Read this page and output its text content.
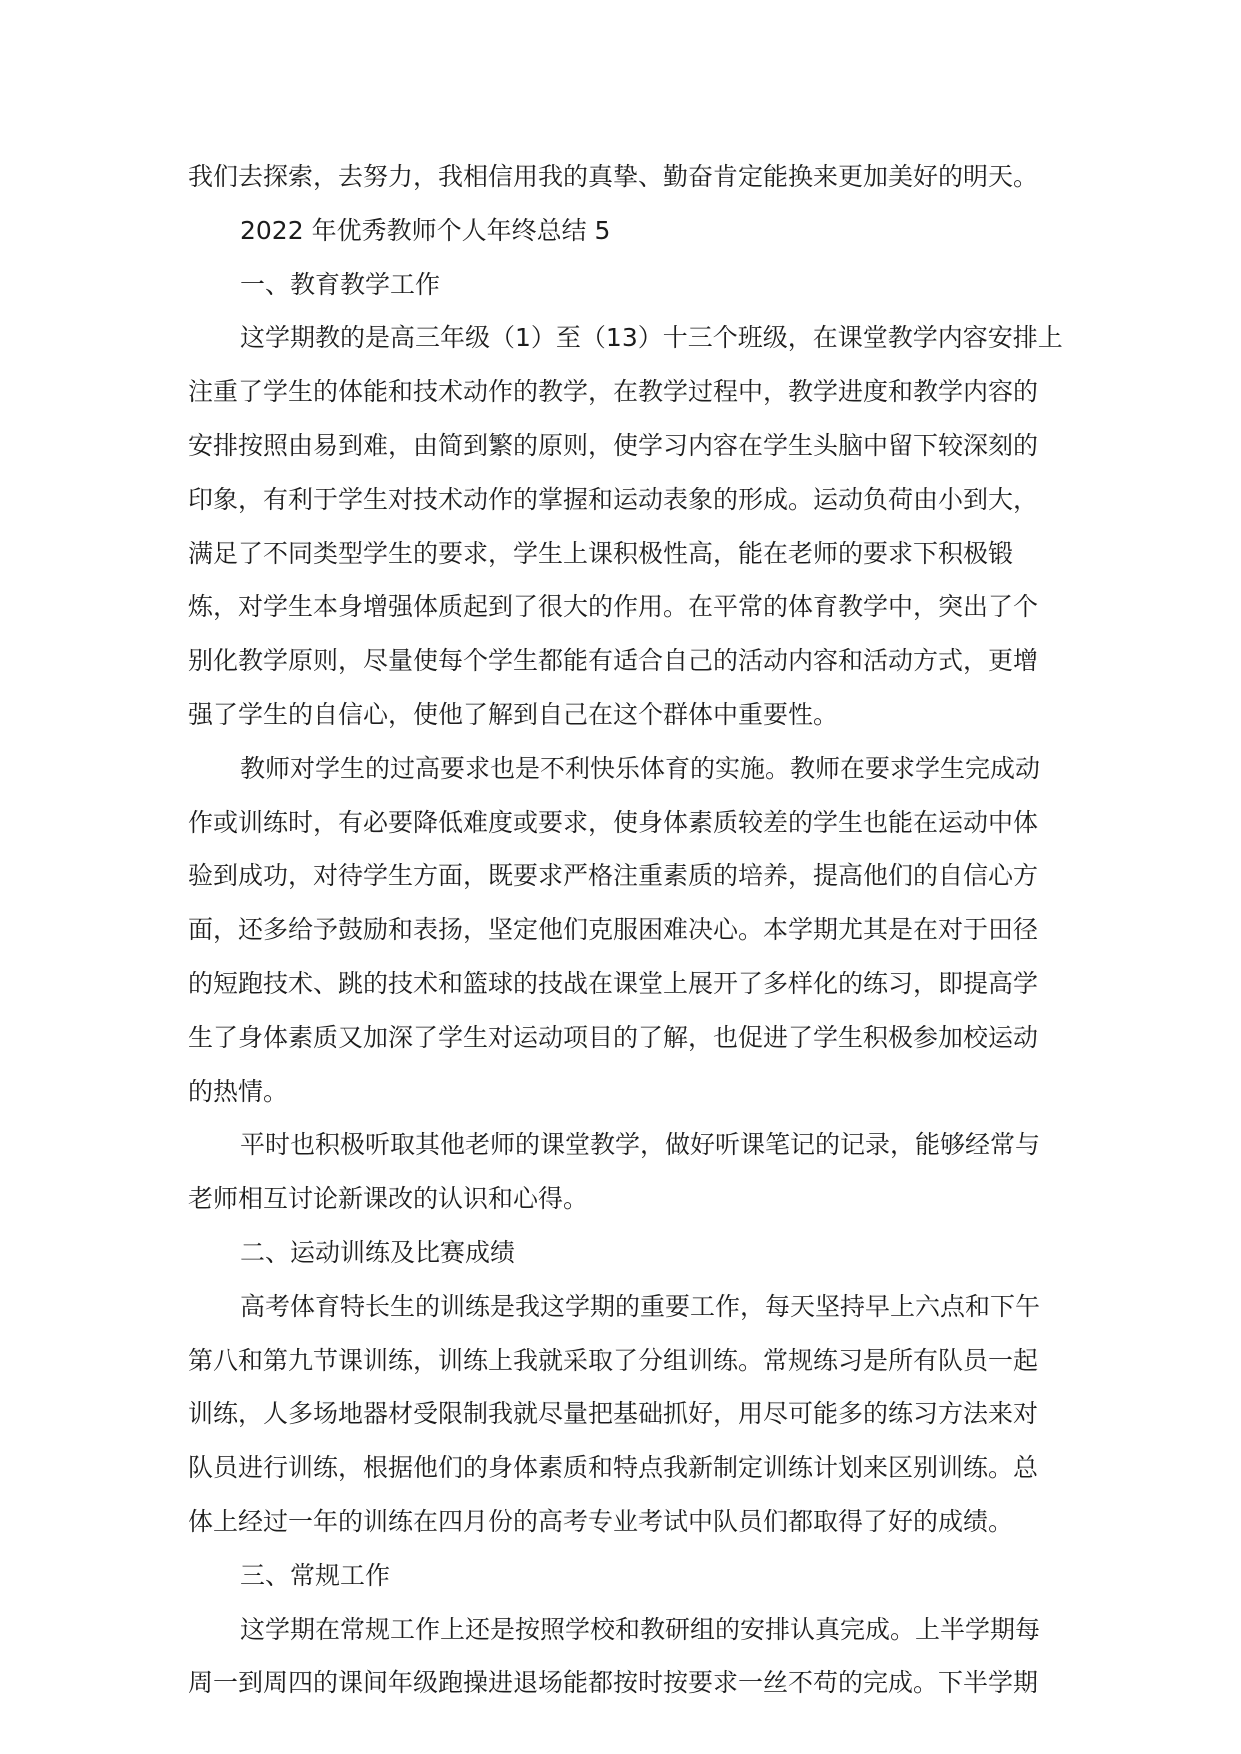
我们去探索，去努力，我相信用我的真挚、勤奋肯定能换来更加美好的明天。
2022 年优秀教师个人年终总结 5
一、教育教学工作
这学期教的是高三年级（1）至（13）十三个班级，在课堂教学内容安排上
注重了学生的体能和技术动作的教学，在教学过程中，教学进度和教学内容的
安排按照由易到难，由简到繁的原则，使学习内容在学生头脑中留下较深刻的
印象，有利于学生对技术动作的掌握和运动表象的形成。运动负荷由小到大，
满足了不同类型学生的要求，学生上课积极性高，能在老师的要求下积极锻
炼，对学生本身增强体质起到了很大的作用。在平常的体育教学中，突出了个
别化教学原则，尽量使每个学生都能有适合自己的活动内容和活动方式，更增
强了学生的自信心，使他了解到自己在这个群体中重要性。
教师对学生的过高要求也是不利快乐体育的实施。教师在要求学生完成动
作或训练时，有必要降低难度或要求，使身体素质较差的学生也能在运动中体
验到成功，对待学生方面，既要求严格注重素质的培养，提高他们的自信心方
面，还多给予鼓励和表扬，坚定他们克服困难决心。本学期尤其是在对于田径
的短跑技术、跳的技术和篮球的技战在课堂上展开了多样化的练习，即提高学
生了身体素质又加深了学生对运动项目的了解，也促进了学生积极参加校运动
的热情。
平时也积极听取其他老师的课堂教学，做好听课笔记的记录，能够经常与
老师相互讨论新课改的认识和心得。
二、运动训练及比赛成绩
高考体育特长生的训练是我这学期的重要工作，每天坚持早上六点和下午
第八和第九节课训练，训练上我就采取了分组训练。常规练习是所有队员一起
训练，人多场地器材受限制我就尽量把基础抓好，用尽可能多的练习方法来对
队员进行训练，根据他们的身体素质和特点我新制定训练计划来区别训练。总
体上经过一年的训练在四月份的高考专业考试中队员们都取得了好的成绩。
三、常规工作
这学期在常规工作上还是按照学校和教研组的安排认真完成。上半学期每
周一到周四的课间年级跑操进退场能都按时按要求一丝不苟的完成。下半学期
